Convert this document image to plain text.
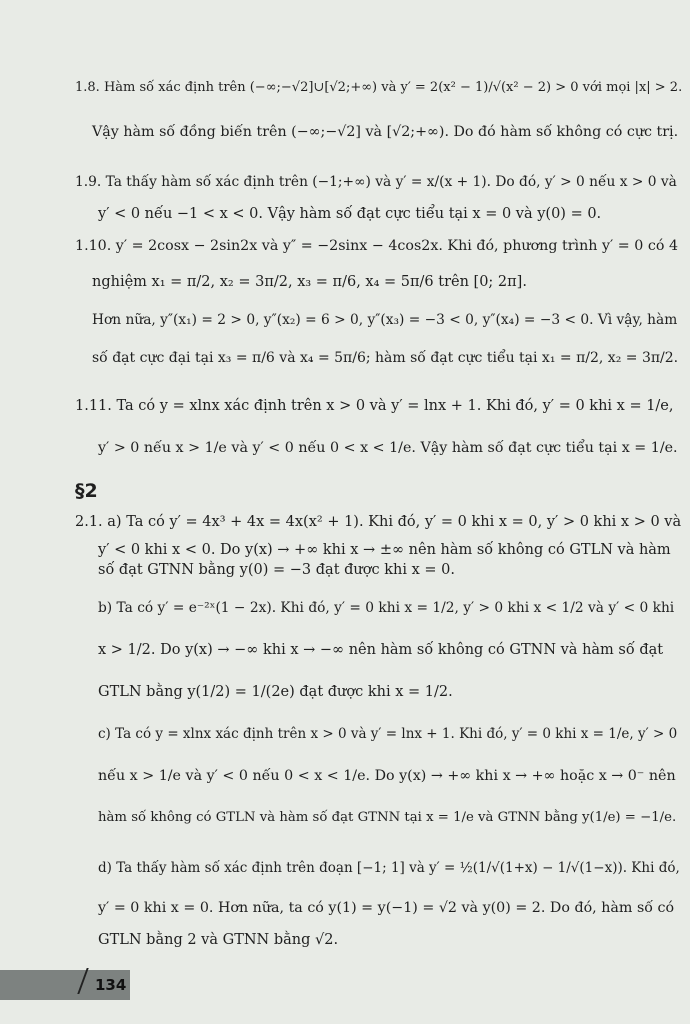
1.8. Hàm số xác định trên (−∞;−√2]∪[√2;+∞) và y′ = 2(x² − 1)/√(x² − 2) > 0 với mọi |x| > 2.
Vậy hàm số đồng biến trên (−∞;−√2] và [√2;+∞). Do đó hàm số không có cực trị.
1.9. Ta thấy hàm số xác định trên (−1;+∞) và y′ = x/(x + 1). Do đó, y′ > 0 nếu x > 0 và
y′ < 0 nếu −1 < x < 0. Vậy hàm số đạt cực tiểu tại x = 0 và y(0) = 0.
1.10. y′ = 2cosx − 2sin2x và y″ = −2sinx − 4cos2x. Khi đó, phương trình y′ = 0 có 4
nghiệm x₁ = π/2, x₂ = 3π/2, x₃ = π/6, x₄ = 5π/6 trên [0; 2π].
Hơn nữa, y″(x₁) = 2 > 0, y″(x₂) = 6 > 0, y″(x₃) = −3 < 0, y″(x₄) = −3 < 0. Vì vậy, hàm
số đạt cực đại tại x₃ = π/6 và x₄ = 5π/6; hàm số đạt cực tiểu tại x₁ = π/2, x₂ = 3π/2.
1.11. Ta có y = xlnx xác định trên x > 0 và y′ = lnx + 1. Khi đó, y′ = 0 khi x = 1/e,
y′ > 0 nếu x > 1/e và y′ < 0 nếu 0 < x < 1/e. Vậy hàm số đạt cực tiểu tại x = 1/e.
§2
2.1. a) Ta có y′ = 4x³ + 4x = 4x(x² + 1). Khi đó, y′ = 0 khi x = 0, y′ > 0 khi x > 0 và
y′ < 0 khi x < 0. Do y(x) → +∞ khi x → ±∞ nên hàm số không có GTLN và hàm
số đạt GTNN bằng y(0) = −3 đạt được khi x = 0.
b) Ta có y′ = e⁻²ˣ(1 − 2x). Khi đó, y′ = 0 khi x = 1/2, y′ > 0 khi x < 1/2 và y′ < 0 khi
x > 1/2. Do y(x) → −∞ khi x → −∞ nên hàm số không có GTNN và hàm số đạt
GTLN bằng y(1/2) = 1/(2e) đạt được khi x = 1/2.
c) Ta có y = xlnx xác định trên x > 0 và y′ = lnx + 1. Khi đó, y′ = 0 khi x = 1/e, y′ > 0
nếu x > 1/e và y′ < 0 nếu 0 < x < 1/e. Do y(x) → +∞ khi x → +∞ hoặc x → 0⁻ nên
hàm số không có GTLN và hàm số đạt GTNN tại x = 1/e và GTNN bằng y(1/e) = −1/e.
d) Ta thấy hàm số xác định trên đoạn [−1; 1] và y′ = ½(1/√(1+x) − 1/√(1−x)). Khi đó,
y′ = 0 khi x = 0. Hơn nữa, ta có y(1) = y(−1) = √2 và y(0) = 2. Do đó, hàm số có
GTLN bằng 2 và GTNN bằng √2.
134
